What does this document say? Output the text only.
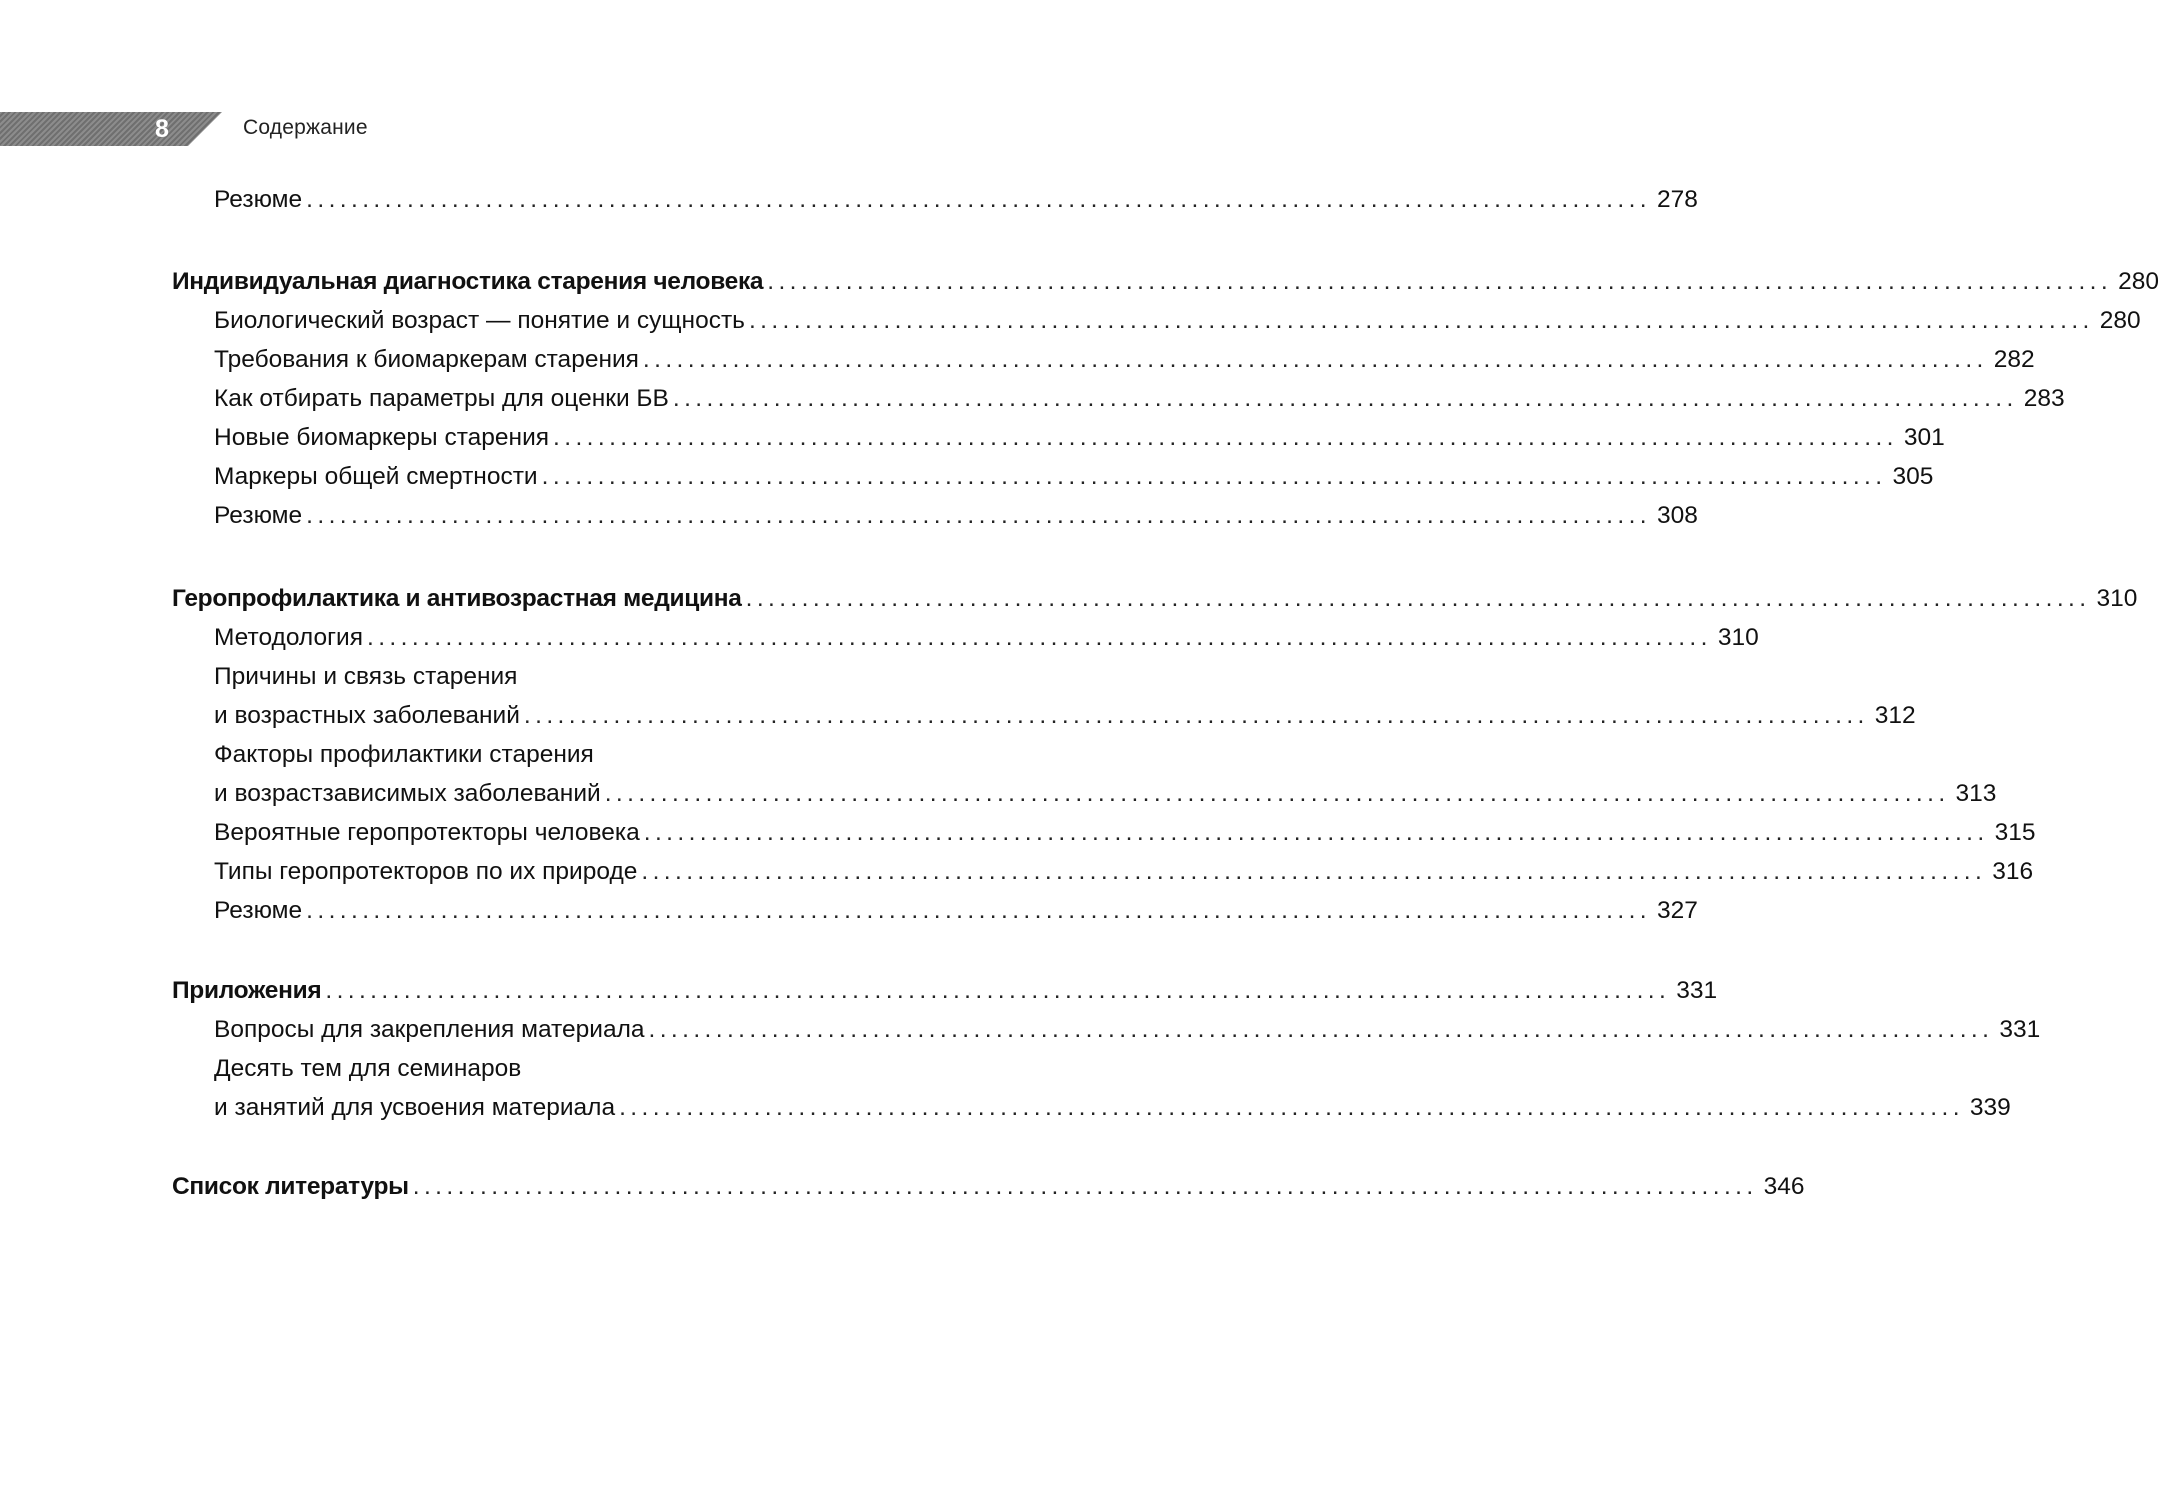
8	Содержание
Резюме ........................................................................................................................ 278
Индивидуальная диагностика старения человека ........................................................................................................................ 280
Биологический возраст — понятие и сущность ........................................................................................................................ 280
Требования к биомаркерам старения ........................................................................................................................ 282
Как отбирать параметры для оценки БВ ........................................................................................................................ 283
Новые биомаркеры старения ........................................................................................................................ 301
Маркеры общей смертности ........................................................................................................................ 305
Резюме ........................................................................................................................ 308
Геропрофилактика и антивозрастная медицина ........................................................................................................................ 310
Методология ........................................................................................................................ 310
Причины и связь старения
и возрастных заболеваний ........................................................................................................................ 312
Факторы профилактики старения
и возрастзависимых заболеваний ........................................................................................................................ 313
Вероятные геропротекторы человека ........................................................................................................................ 315
Типы геропротекторов по их природе ........................................................................................................................ 316
Резюме ........................................................................................................................ 327
Приложения ........................................................................................................................ 331
Вопросы для закрепления материала ........................................................................................................................ 331
Десять тем для семинаров
и занятий для усвоения материала ........................................................................................................................ 339
Список литературы ........................................................................................................................ 346
